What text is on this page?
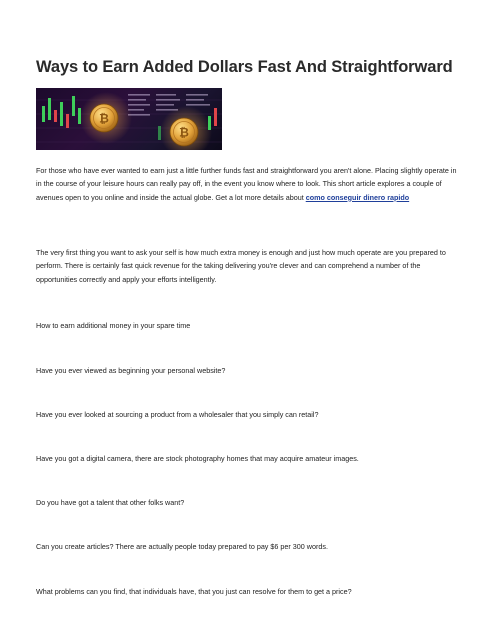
Ways to Earn Added Dollars Fast And Straightforward
₿
₿

For those who have ever wanted to earn just a little further funds fast and straightforward you aren't alone. Placing slightly operate in in the course of your leisure hours can really pay off, in the event you know where to look. This short article explores a couple of avenues open to you online and inside the actual globe. Get a lot more details about como conseguir dinero rapido

The very first thing you want to ask your self is how much extra money is enough and just how much operate are you prepared to perform. There is certainly fast quick revenue for the taking delivering you're clever and can comprehend a number of the opportunities correctly and apply your efforts intelligently.

How to earn additional money in your spare time

Have you ever viewed as beginning your personal website?

Have you ever looked at sourcing a product from a wholesaler that you simply can retail?

Have you got a digital camera, there are stock photography homes that may acquire amateur images.

Do you have got a talent that other folks want?

Can you create articles? There are actually people today prepared to pay $6 per 300 words.

What problems can you find, that individuals have, that you just can resolve for them to get a price?
